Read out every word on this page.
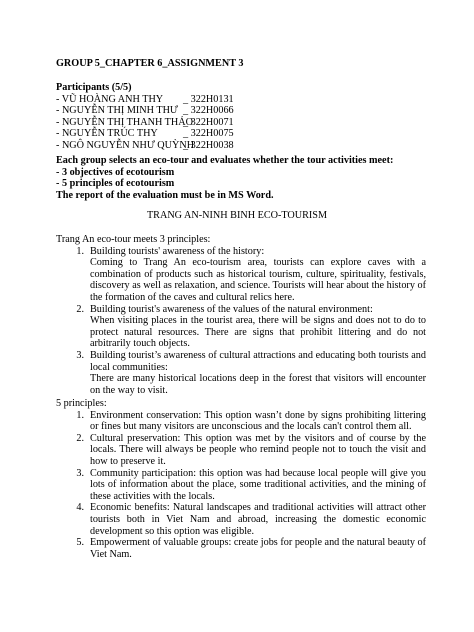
GROUP 5_CHAPTER 6_ASSIGNMENT 3
Participants (5/5)
- VŨ HOÀNG ANH THY	_ 322H0131
- NGUYỄN THỊ MINH THƯ _ 322H0066
- NGUYỄN THỊ THANH THẢO
_ 322H0071
- NGUYỄN TRÚC THY	_ 322H0075
- NGÔ NGUYỄN NHƯ QUỲNH
_ 322H0038
Each group selects an eco-tour and evaluates whether the tour activities meet:
- 3 objectives of ecotourism
- 5 principles of ecotourism
The report of the evaluation must be in MS Word.
TRANG AN-NINH BINH ECO-TOURISM
Trang An eco-tour meets 3 principles:
1. Building tourists' awareness of the history:
Coming to Trang An eco-tourism area, tourists can explore caves with a combination of products such as historical tourism, culture, spirituality, festivals, discovery as well as relaxation, and science. Tourists will hear about the history of the formation of the caves and cultural relics here.
2. Building tourist's awareness of the values of the natural environment:
When visiting places in the tourist area, there will be signs and does not to do to protect natural resources. There are signs that prohibit littering and do not arbitrarily touch objects.
3. Building tourist’s awareness of cultural attractions and educating both tourists and local communities:
There are many historical locations deep in the forest that visitors will encounter on the way to visit.
5 principles:
1. Environment conservation: This option wasn’t done by signs prohibiting littering or fines but many visitors are unconscious and the locals can't control them all.
2. Cultural preservation: This option was met by the visitors and of course by the locals. There will always be people who remind people not to touch the visit and how to preserve it.
3. Community participation: this option was had because local people will give you lots of information about the place, some traditional activities, and the mining of these activities with the locals.
4. Economic benefits: Natural landscapes and traditional activities will attract other tourists both in Viet Nam and abroad, increasing the domestic economic development so this option was eligible.
5. Empowerment of valuable groups: create jobs for people and the natural beauty of Viet Nam.
